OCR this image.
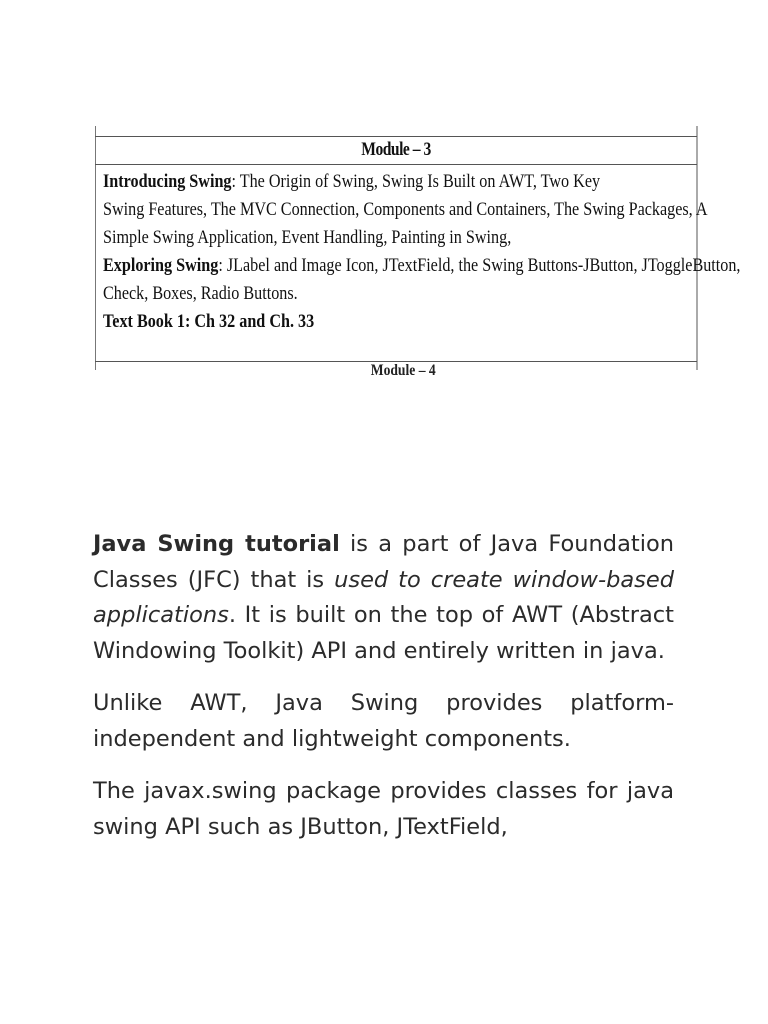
Module – 3
Introducing Swing: The Origin of Swing, Swing Is Built on AWT, Two Key
Swing Features, The MVC Connection, Components and Containers, The Swing Packages, A
Simple Swing Application, Event Handling, Painting in Swing,
Exploring Swing: JLabel and Image Icon, JTextField, the Swing Buttons-JButton, JToggleButton,
Check, Boxes, Radio Buttons.
Text Book 1: Ch 32 and Ch. 33
Module – 4

Java Swing tutorial is a part of Java Foundation Classes (JFC) that is used to create window-based applications. It is built on the top of AWT (Abstract Windowing Toolkit) API and entirely written in java.

Unlike AWT, Java Swing provides platform-independent and lightweight components.

The javax.swing package provides classes for java swing API such as JButton, JTextField,
